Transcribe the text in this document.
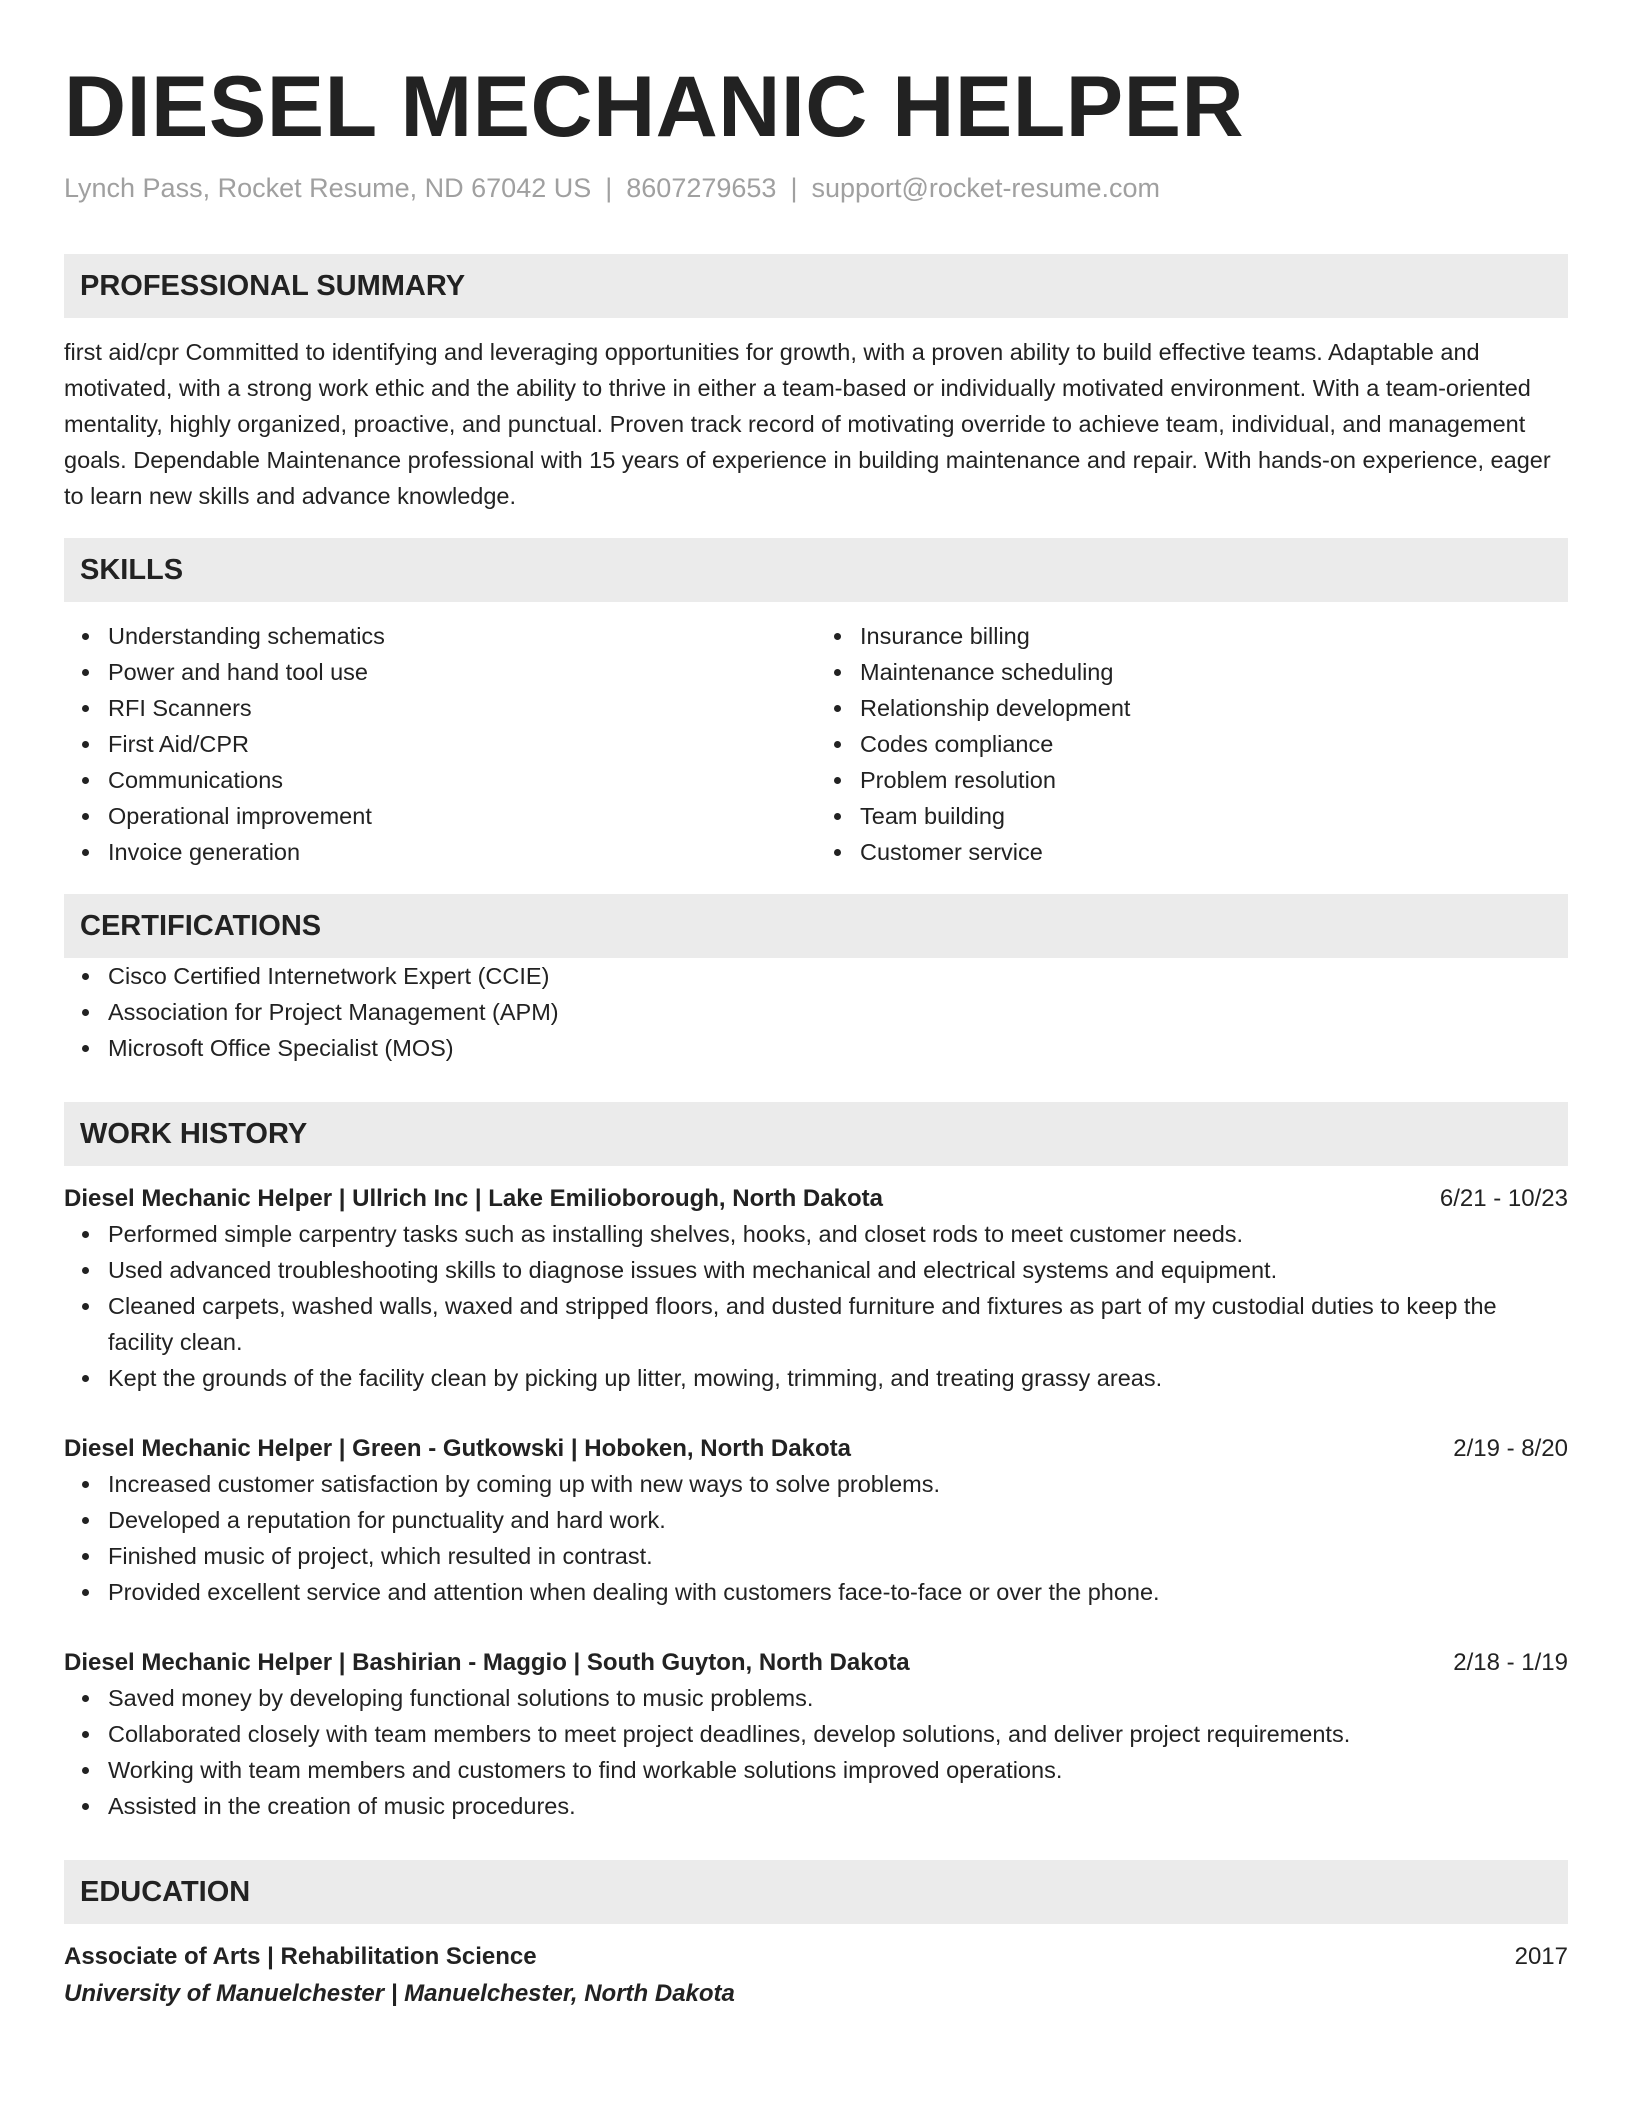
DIESEL MECHANIC HELPER
Lynch Pass, Rocket Resume, ND 67042 US | 8607279653 | support@rocket-resume.com
PROFESSIONAL SUMMARY

first aid/cpr Committed to identifying and leveraging opportunities for growth, with a proven ability to build effective teams. Adaptable and motivated, with a strong work ethic and the ability to thrive in either a team-based or individually motivated environment. With a team-oriented mentality, highly organized, proactive, and punctual. Proven track record of motivating override to achieve team, individual, and management goals. Dependable Maintenance professional with 15 years of experience in building maintenance and repair. With hands-on experience, eager to learn new skills and advance knowledge.

SKILLS
Understanding schematics
Power and hand tool use
RFI Scanners
First Aid/CPR
Communications
Operational improvement
Invoice generation
Insurance billing
Maintenance scheduling
Relationship development
Codes compliance
Problem resolution
Team building
Customer service
CERTIFICATIONS
Cisco Certified Internetwork Expert (CCIE)
Association for Project Management (APM)
Microsoft Office Specialist (MOS)
WORK HISTORY
Diesel Mechanic Helper | Ullrich Inc | Lake Emilioborough, North Dakota	6/21 - 10/23
Performed simple carpentry tasks such as installing shelves, hooks, and closet rods to meet customer needs.
Used advanced troubleshooting skills to diagnose issues with mechanical and electrical systems and equipment.
Cleaned carpets, washed walls, waxed and stripped floors, and dusted furniture and fixtures as part of my custodial duties to keep the facility clean.
Kept the grounds of the facility clean by picking up litter, mowing, trimming, and treating grassy areas.
Diesel Mechanic Helper | Green - Gutkowski | Hoboken, North Dakota	2/19 - 8/20
Increased customer satisfaction by coming up with new ways to solve problems.
Developed a reputation for punctuality and hard work.
Finished music of project, which resulted in contrast.
Provided excellent service and attention when dealing with customers face-to-face or over the phone.
Diesel Mechanic Helper | Bashirian - Maggio | South Guyton, North Dakota	2/18 - 1/19
Saved money by developing functional solutions to music problems.
Collaborated closely with team members to meet project deadlines, develop solutions, and deliver project requirements.
Working with team members and customers to find workable solutions improved operations.
Assisted in the creation of music procedures.
EDUCATION
Associate of Arts | Rehabilitation Science	2017
University of Manuelchester | Manuelchester, North Dakota
